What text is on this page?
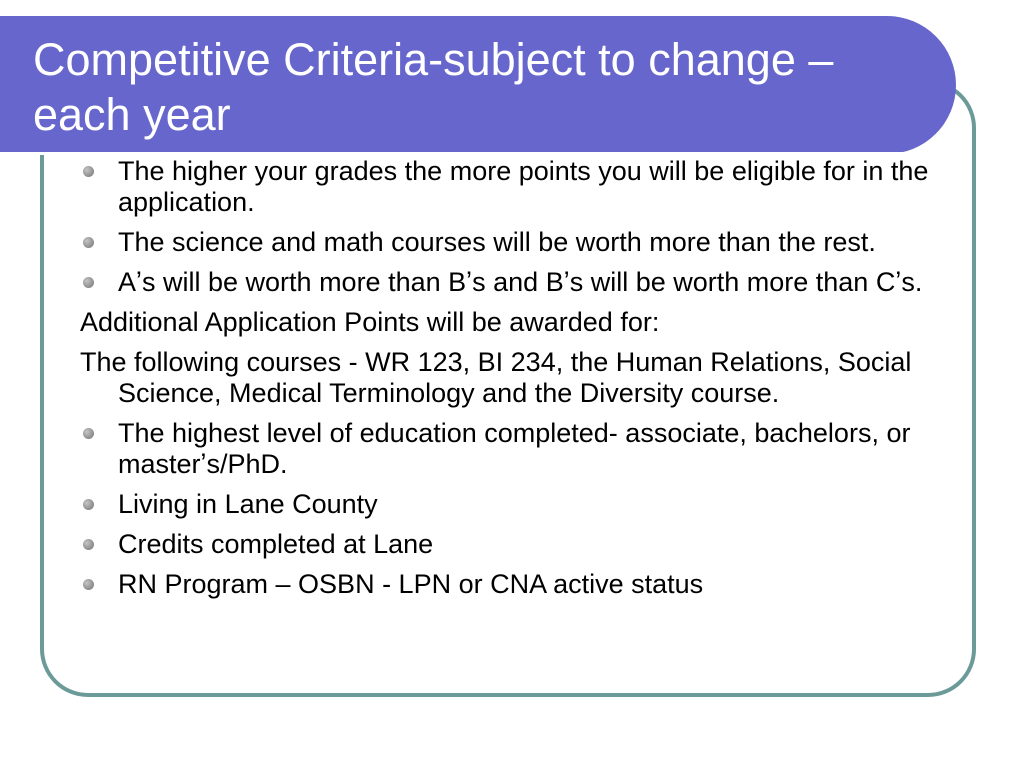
Competitive Criteria-subject to change – each year
The higher your grades the more points you will be eligible for in the application.
The science and math courses will be worth more than the rest.
Aʼs will be worth more than Bʼs and Bʼs will be worth more than Cʼs.
Additional Application Points will be awarded for:
The following courses - WR 123, BI 234, the Human Relations, Social Science, Medical Terminology and the Diversity course.
The highest level of education completed- associate, bachelors, or masterʼs/PhD.
Living in Lane County
Credits completed at Lane
RN Program – OSBN - LPN or CNA active status
